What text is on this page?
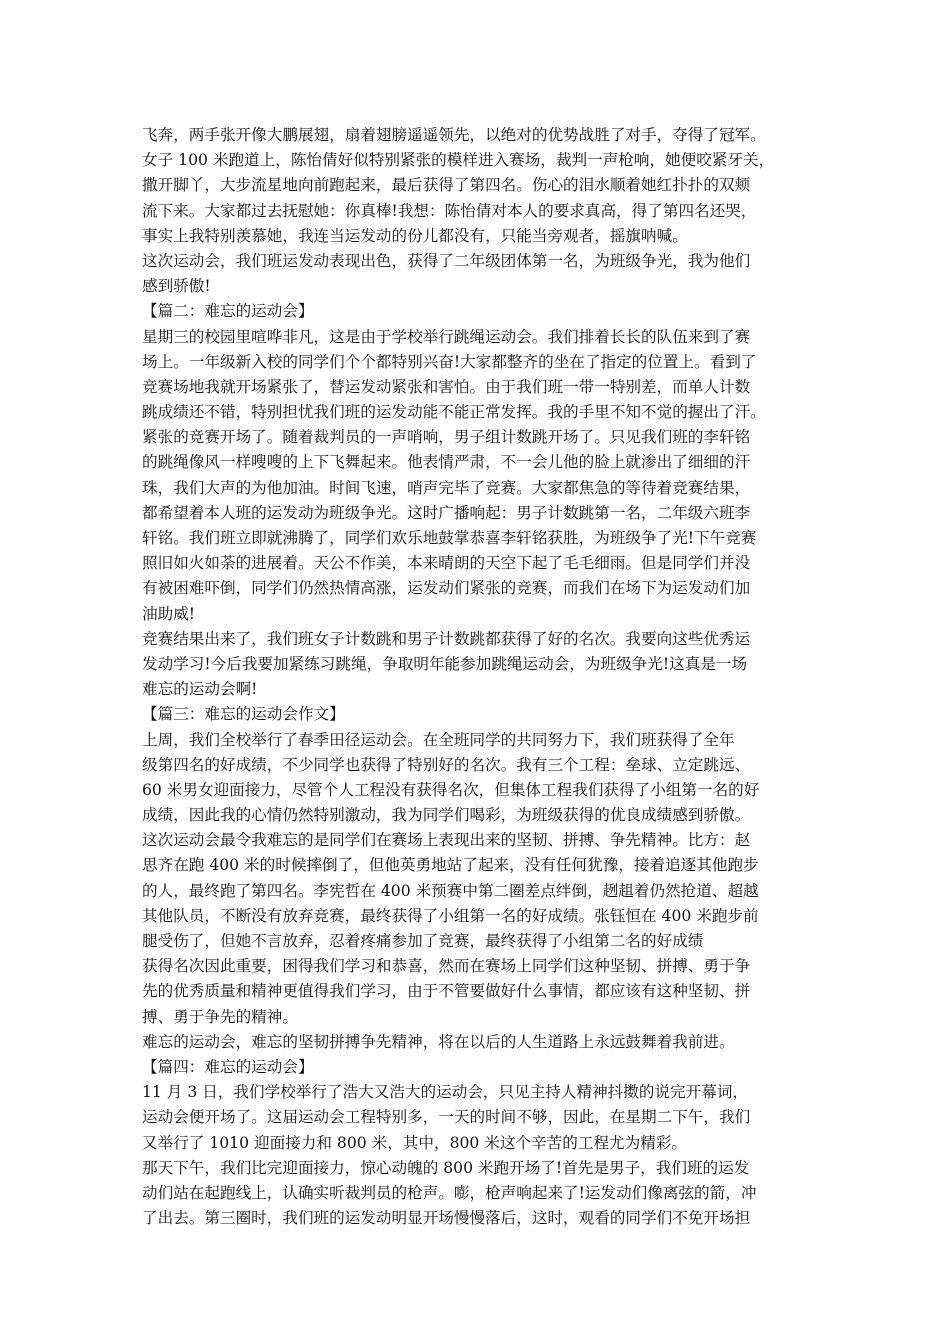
飞奔，两手张开像大鹏展翅，扇着翅膀遥遥领先，以绝对的优势战胜了对手，夺得了冠军。
女子 100 米跑道上，陈怡倩好似特别紧张的模样进入赛场，裁判一声枪响，她便咬紧牙关，
撒开脚丫，大步流星地向前跑起来，最后获得了第四名。伤心的泪水顺着她红扑扑的双颊
流下来。大家都过去抚慰她：你真棒!我想：陈怡倩对本人的要求真高，得了第四名还哭，
事实上我特别羡慕她，我连当运发动的份儿都没有，只能当旁观者，摇旗呐喊。
这次运动会，我们班运发动表现出色，获得了二年级团体第一名，为班级争光，我为他们
感到骄傲!
【篇二：难忘的运动会】
星期三的校园里喧哗非凡，这是由于学校举行跳绳运动会。我们排着长长的队伍来到了赛
场上。一年级新入校的同学们个个都特别兴奋!大家都整齐的坐在了指定的位置上。看到了
竞赛场地我就开场紧张了，替运发动紧张和害怕。由于我们班一带一特别差，而单人计数
跳成绩还不错，特别担忧我们班的运发动能不能正常发挥。我的手里不知不觉的握出了汗。
紧张的竞赛开场了。随着裁判员的一声哨响，男子组计数跳开场了。只见我们班的李轩铭
的跳绳像风一样嗖嗖的上下飞舞起来。他表情严肃，不一会儿他的脸上就渗出了细细的汗
珠，我们大声的为他加油。时间飞速，哨声完毕了竞赛。大家都焦急的等待着竞赛结果，
都希望着本人班的运发动为班级争光。这时广播响起：男子计数跳第一名，二年级六班李
轩铭。我们班立即就沸腾了，同学们欢乐地鼓掌恭喜李轩铭获胜，为班级争了光!下午竞赛
照旧如火如荼的进展着。天公不作美，本来晴朗的天空下起了毛毛细雨。但是同学们并没
有被困难吓倒，同学们仍然热情高涨，运发动们紧张的竞赛，而我们在场下为运发动们加
油助威!
竞赛结果出来了，我们班女子计数跳和男子计数跳都获得了好的名次。我要向这些优秀运
发动学习!今后我要加紧练习跳绳，争取明年能参加跳绳运动会，为班级争光!这真是一场
难忘的运动会啊!
【篇三：难忘的运动会作文】
上周，我们全校举行了春季田径运动会。在全班同学的共同努力下，我们班获得了全年
级第四名的好成绩，不少同学也获得了特别好的名次。我有三个工程：垒球、立定跳远、
60 米男女迎面接力，尽管个人工程没有获得名次，但集体工程我们获得了小组第一名的好
成绩，因此我的心情仍然特别激动，我为同学们喝彩，为班级获得的优良成绩感到骄傲。
这次运动会最令我难忘的是同学们在赛场上表现出来的坚韧、拼搏、争先精神。比方：赵
思齐在跑 400 米的时候摔倒了，但他英勇地站了起来，没有任何犹豫，接着追逐其他跑步
的人，最终跑了第四名。李宪哲在 400 米预赛中第二圈差点绊倒，趔趄着仍然抢道、超越
其他队员，不断没有放弃竞赛，最终获得了小组第一名的好成绩。张钰恒在 400 米跑步前
腿受伤了，但她不言放弃，忍着疼痛参加了竞赛，最终获得了小组第二名的好成绩
获得名次因此重要，困得我们学习和恭喜，然而在赛场上同学们这种坚韧、拼搏、勇于争
先的优秀质量和精神更值得我们学习，由于不管要做好什么事情，都应该有这种坚韧、拼
搏、勇于争先的精神。
难忘的运动会，难忘的坚韧拼搏争先精神，将在以后的人生道路上永远鼓舞着我前进。
【篇四：难忘的运动会】
11 月 3 日，我们学校举行了浩大又浩大的运动会，只见主持人精神抖擞的说完开幕词，
运动会便开场了。这届运动会工程特别多，一天的时间不够，因此，在星期二下午，我们
又举行了 1010 迎面接力和 800 米，其中，800 米这个辛苦的工程尤为精彩。
那天下午，我们比完迎面接力，惊心动魄的 800 米跑开场了!首先是男子，我们班的运发
动们站在起跑线上，认确实听裁判员的枪声。嘭，枪声响起来了!运发动们像离弦的箭，冲
了出去。第三圈时，我们班的运发动明显开场慢慢落后，这时，观看的同学们不免开场担
